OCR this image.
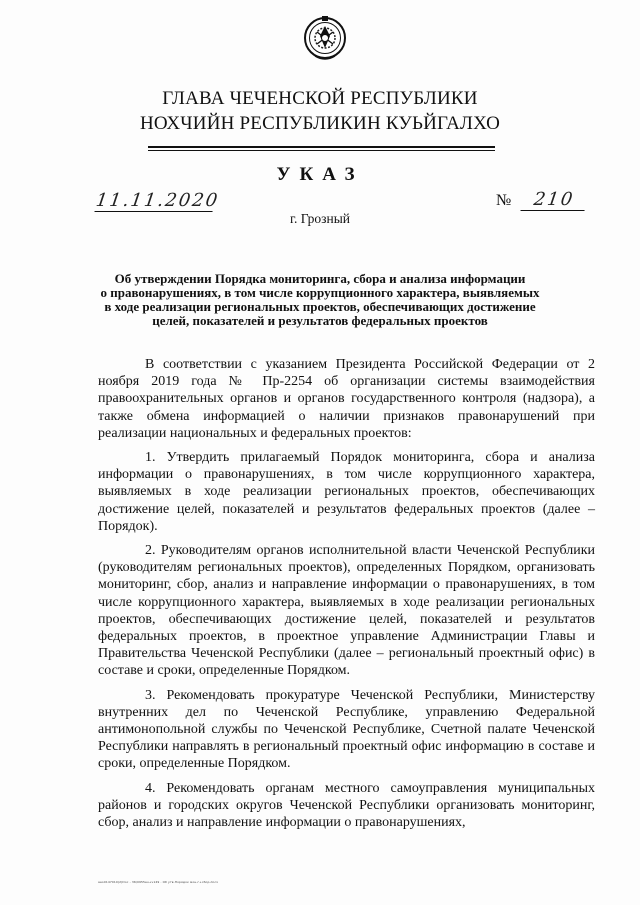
ГЛАВА ЧЕЧЕНСКОЙ РЕСПУБЛИКИ
НОХЧИЙН РЕСПУБЛИКИН КУЬЙГАЛХО
УКАЗ
11.11.2020	№	210
г. Грозный
Об утверждении Порядка мониторинга, сбора и анализа информации
о правонарушениях, в том числе коррупционного характера, выявляемых
в ходе реализации региональных проектов, обеспечивающих достижение
целей, показателей и результатов федеральных проектов

В соответствии с указанием Президента Российской Федерации от 2 ноября 2019 года № Пр-2254 об организации системы взаимодействия правоохранительных органов и органов государственного контроля (надзора), а также обмена информацией о наличии признаков правонарушений при реализации национальных и федеральных проектов:

1. Утвердить прилагаемый Порядок мониторинга, сбора и анализа информации о правонарушениях, в том числе коррупционного характера, выявляемых в ходе реализации региональных проектов, обеспечивающих достижение целей, показателей и результатов федеральных проектов (далее – Порядок).

2. Руководителям органов исполнительной власти Чеченской Республики (руководителям региональных проектов), определенных Порядком, организовать мониторинг, сбор, анализ и направление информации о правонарушениях, в том числе коррупционного характера, выявляемых в ходе реализации региональных проектов, обеспечивающих достижение целей, показателей и результатов федеральных проектов, в проектное управление Администрации Главы и Правительства Чеченской Республики (далее – региональный проектный офис) в составе и сроки, определенные Порядком.

3. Рекомендовать прокуратуре Чеченской Республики, Министерству внутренних дел по Чеченской Республике, управлению Федеральной антимонопольной службы по Чеченской Республике, Счетной палате Чеченской Республики направлять в региональный проектный офис информацию в составе и сроки, определенные Порядком.

4. Рекомендовать органам местного самоуправления муниципальных районов и городских округов Чеченской Республики организовать мониторинг, сбор, анализ и направление информации о правонарушениях,

aeo0147010(2)Doc - 36\0955eu+ч149 . Об утв.Порядок мон-г+сбор.docx
